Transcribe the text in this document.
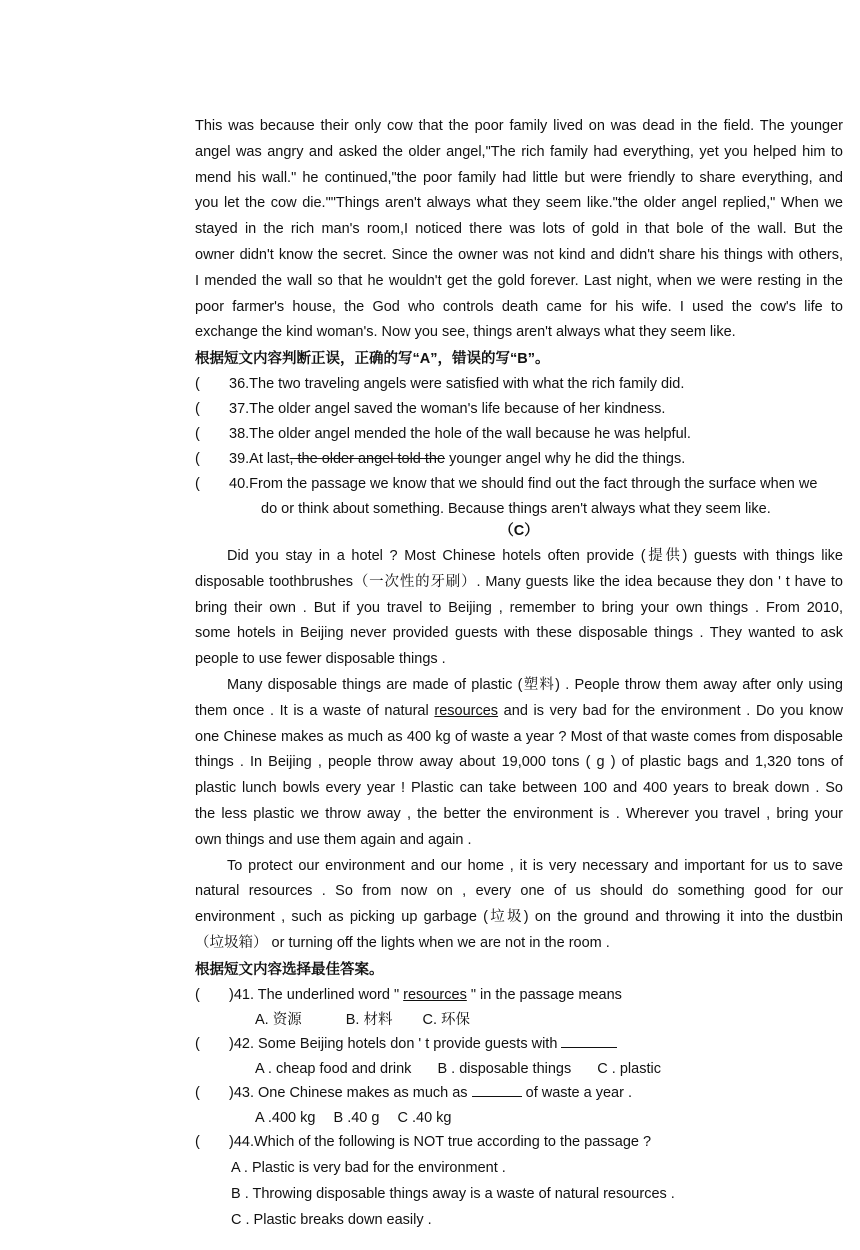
This was because their only cow that the poor family lived on was dead in the field. The younger

angel was angry and asked the older angel,"The rich family had everything, yet you helped him to

mend his wall." he continued,"the poor family had little but were friendly to share everything, and

you let the cow die.""Things aren't always what they seem like."the older angel replied," When we

stayed in the rich man's room,I noticed there was lots of gold in that bole of the wall. But the

owner didn't know the secret. Since the owner was not kind and didn't share his things with others,

I mended the wall so that he wouldn't get the gold forever. Last night, when we were resting in the

poor farmer's house, the God who controls death came for his wife. I used the cow's life to

exchange the kind woman's. Now you see, things aren't always what they seem like.

根据短文内容判断正误，正确的写“A”，错误的写“B”。

( 36.The two traveling angels were satisfied with what the rich family did.
( 37.The older angel saved the woman's life because of her kindness.
( 38.The older angel mended the hole of the wall because he was helpful.
( 39.At last, the older angel told the younger angel why he did the things.
( 40.From the passage we know that we should find out the fact through the surface when we
do or think about something. Because things aren't always what they seem like.

（C）

Did you stay in a hotel ? Most Chinese hotels often provide (提供) guests with things like

disposable toothbrushes（一次性的牙刷）. Many guests like the idea because they don ' t have to

bring their own . But if you travel to Beijing , remember to bring your own things . From 2010,

some hotels in Beijing never provided guests with these disposable things . They wanted to ask

people to use fewer disposable things .

Many disposable things are made of plastic (塑料) . People throw them away after only using

them once . It is a waste of natural resources and is very bad for the environment . Do you know

one Chinese makes as much as 400 kg of waste a year ? Most of that waste comes from disposable

things . In Beijing , people throw away about 19,000 tons ( g ) of plastic bags and 1,320 tons of

plastic lunch bowls every year ! Plastic can take between 100 and 400 years to break down . So

the less plastic we throw away , the better the environment is . Wherever you travel , bring your

own things and use them again and again .

To protect our environment and our home , it is very necessary and important for us to save

natural resources . So from now on , every one of us should do something good for our

environment , such as picking up garbage (垃圾) on the ground and throwing it into the dustbin

（垃圾箱） or turning off the lights when we are not in the room .

根据短文内容选择最佳答案。

(	)41. The underlined word " resources " in the passage means
A. 资源	B. 材料 C. 环保
(	)42. Some Beijing hotels don ' t provide guests with
A . cheap food and drink B . disposable things C . plastic
(	)43. One Chinese makes as much as	of waste a year .
A .400 kg B .40 g C .40 kg
(	)44.Which of the following is NOT true according to the passage ?

A . Plastic is very bad for the environment .

B . Throwing disposable things away is a waste of natural resources .

C . Plastic breaks down easily .
